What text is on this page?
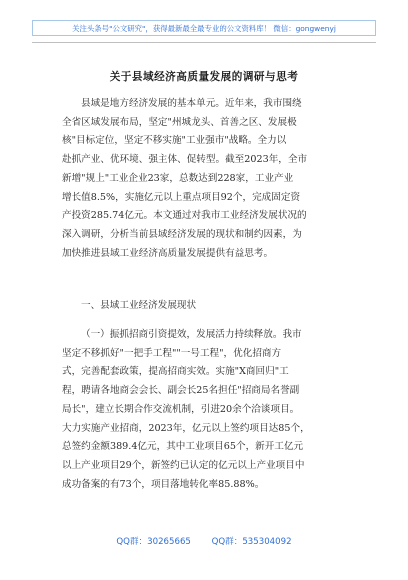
关注头条号"公文研究"，获得最新最全最专业的公文资料库！ 微信：gongwenyj
关于县域经济高质量发展的调研与思考

县域是地方经济发展的基本单元。近年来，我市围绕
全省区域发展布局，坚定"州城龙头、首善之区、发展极
核"目标定位，坚定不移实施"工业强市"战略。全力以
赴抓产业、优环境、强主体、促转型。截至2023年，全市
新增"规上"工业企业23家，总数达到228家，工业产业
增长值8.5%，实施亿元以上重点项目92个，完成固定资
产投资285.74亿元。本文通过对我市工业经济发展状况的
深入调研，分析当前县域经济发展的现状和制约因素，为
加快推进县域工业经济高质量发展提供有益思考。

一、县域工业经济发展现状

（一）振抓招商引资提效，发展活力持续释放。我市
坚定不移抓好"一把手工程""一号工程"，优化招商方
式，完善配套政策，提高招商实效。实施"X商回归"工
程，聘请各地商会会长、副会长25名担任"招商局名誉副
局长"，建立长期合作交流机制，引进20余个洽谈项目。
大力实施产业招商，2023年，亿元以上签约项目达85个，
总签约金额389.4亿元，其中工业项目65个，新开工亿元
以上产业项目29个，新签约已认定的亿元以上产业项目中
成功备案的有73个，项目落地转化率85.88%。

QQ群：30265665 QQ群：535304092
